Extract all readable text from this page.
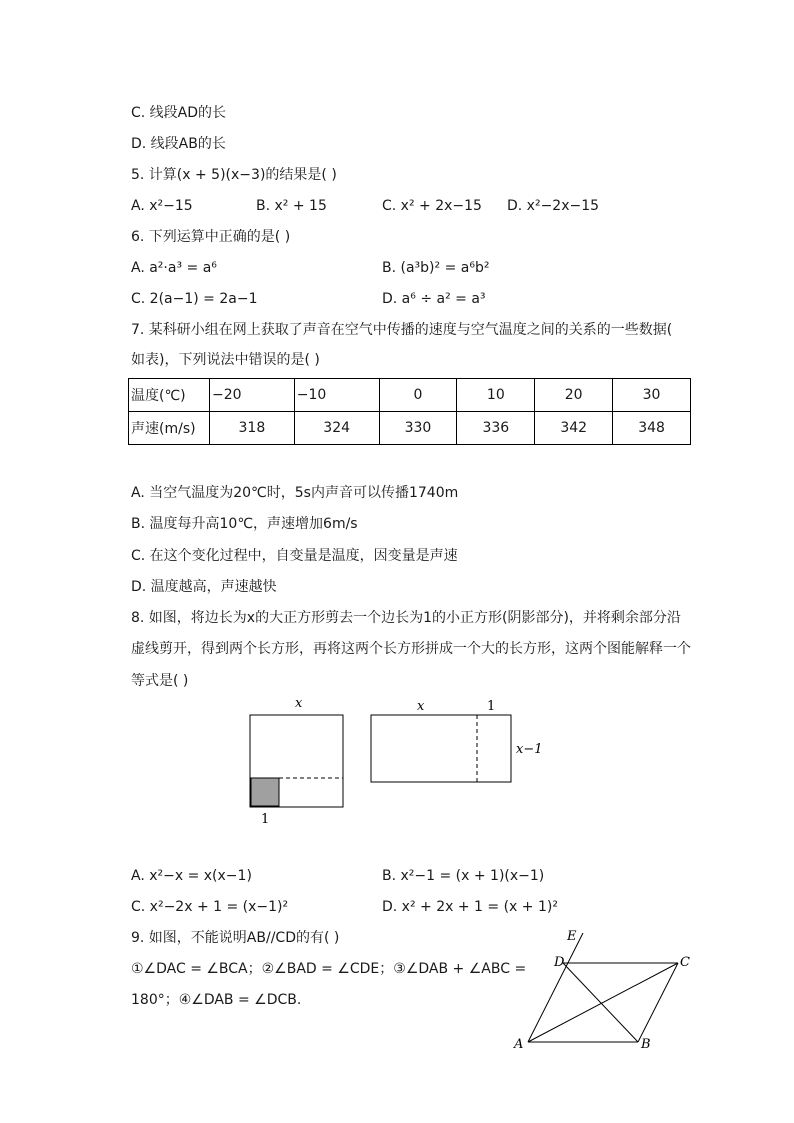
C. 线段AD的长
D. 线段AB的长
5. 计算(x + 5)(x−3)的结果是( )
A. x²−15	B. x² + 15	C. x² + 2x−15 D. x²−2x−15
6. 下列运算中正确的是( )
A. a²·a³ = a⁶	B. (a³b)² = a⁶b²
C. 2(a−1) = 2a−1	D. a⁶ ÷ a² = a³
7. 某科研小组在网上获取了声音在空气中传播的速度与空气温度之间的关系的一些数据(
如表)，下列说法中错误的是( )
温度(℃)	−20	−10	0	10	20	30
声速(m/s)	318	324	330	336	342	348
A. 当空气温度为20℃时，5s内声音可以传播1740m
B. 温度每升高10℃，声速增加6m/s
C. 在这个变化过程中，自变量是温度，因变量是声速
D. 温度越高，声速越快
8. 如图，将边长为x的大正方形剪去一个边长为1的小正方形(阴影部分)，并将剩余部分沿
虚线剪开，得到两个长方形，再将这两个长方形拼成一个大的长方形，这两个图能解释一个
等式是( )
x
1
x	1
x−1
A. x²−x = x(x−1)	B. x²−1 = (x + 1)(x−1)
C. x²−2x + 1 = (x−1)²	D. x² + 2x + 1 = (x + 1)²
9. 如图，不能说明AB//CD的有( )
①∠DAC = ∠BCA；②∠BAD = ∠CDE；③∠DAB + ∠ABC =
180°；④∠DAB = ∠DCB.
E
D	C
A	B
